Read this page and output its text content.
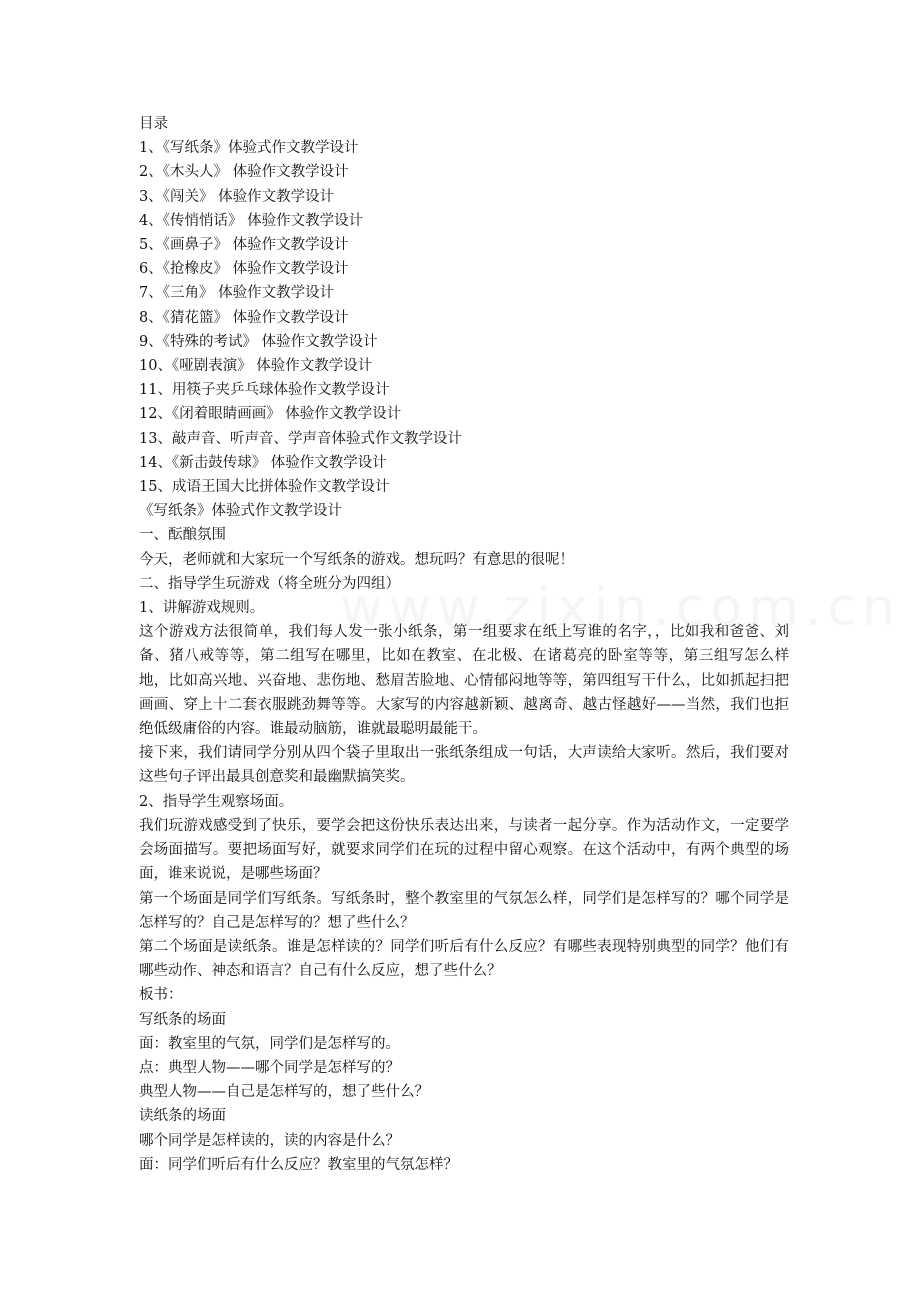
目录

1、《写纸条》体验式作文教学设计

2、《木头人》 体验作文教学设计

3、《闯关》 体验作文教学设计

4、《传悄悄话》 体验作文教学设计

5、《画鼻子》 体验作文教学设计

6、《抢橡皮》 体验作文教学设计

7、《三角》 体验作文教学设计

8、《猜花篮》 体验作文教学设计

9、《特殊的考试》 体验作文教学设计

10、《哑剧表演》 体验作文教学设计

11、用筷子夹乒乓球体验作文教学设计

12、《闭着眼睛画画》 体验作文教学设计

13、敲声音、听声音、学声音体验式作文教学设计

14、《新击鼓传球》 体验作文教学设计

15、成语王国大比拼体验作文教学设计

《写纸条》体验式作文教学设计

一、酝酿氛围

今天，老师就和大家玩一个写纸条的游戏。想玩吗？有意思的很呢！

二、指导学生玩游戏（将全班分为四组）

1、讲解游戏规则。

这个游戏方法很简单，我们每人发一张小纸条，第一组要求在纸上写谁的名字，，比如我和爸爸、刘备、猪八戒等等，第二组写在哪里，比如在教室、在北极、在诸葛亮的卧室等等，第三组写怎么样地，比如高兴地、兴奋地、悲伤地、愁眉苦脸地、心情郁闷地等等，第四组写干什么，比如抓起扫把画画、穿上十二套衣服跳劲舞等等。大家写的内容越新颖、越离奇、越古怪越好——当然，我们也拒绝低级庸俗的内容。谁最动脑筋，谁就最聪明最能干。

接下来，我们请同学分别从四个袋子里取出一张纸条组成一句话，大声读给大家听。然后，我们要对这些句子评出最具创意奖和最幽默搞笑奖。

2、指导学生观察场面。

我们玩游戏感受到了快乐，要学会把这份快乐表达出来，与读者一起分享。作为活动作文，一定要学会场面描写。要把场面写好，就要求同学们在玩的过程中留心观察。在这个活动中，有两个典型的场面，谁来说说，是哪些场面？

第一个场面是同学们写纸条。写纸条时，整个教室里的气氛怎么样，同学们是怎样写的？哪个同学是怎样写的？自己是怎样写的？想了些什么？

第二个场面是读纸条。谁是怎样读的？同学们听后有什么反应？有哪些表现特别典型的同学？他们有哪些动作、神态和语言？自己有什么反应，想了些什么？

板书：

写纸条的场面

面：教室里的气氛，同学们是怎样写的。

点：典型人物——哪个同学是怎样写的？

典型人物——自己是怎样写的，想了些什么？

读纸条的场面

哪个同学是怎样读的，读的内容是什么？

面：同学们听后有什么反应？教室里的气氛怎样？
